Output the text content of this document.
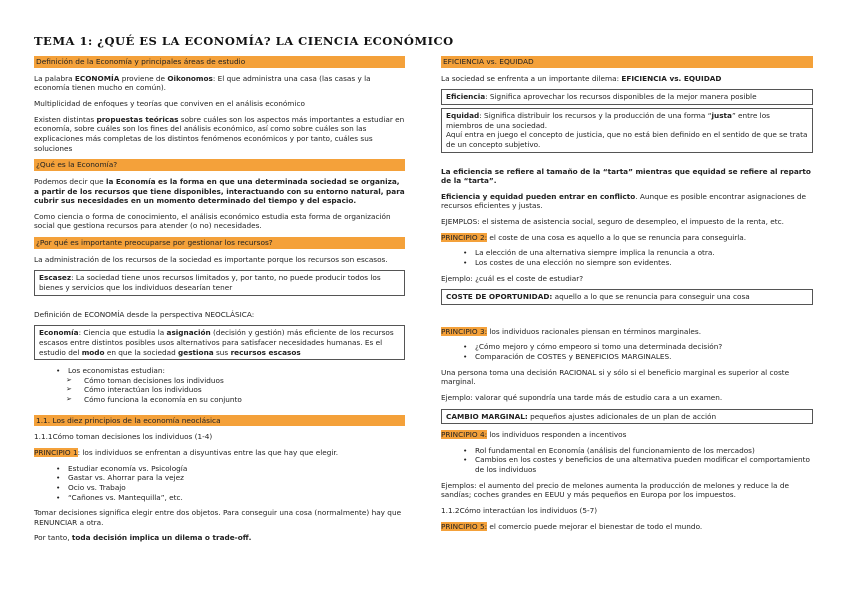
TEMA 1: ¿QUÉ ES LA ECONOMÍA? LA CIENCIA ECONÓMICO
Definición de la Economía y principales áreas de estudio
La palabra ECONOMÍA proviene de Oikonomos: El que administra una casa (las casas y la economía tienen mucho en común).
Multiplicidad de enfoques y teorías que conviven en el análisis económico
Existen distintas propuestas teóricas sobre cuáles son los aspectos más importantes a estudiar en economía, sobre cuáles son los fines del análisis económico, así como sobre cuáles son las explicaciones más completas de los distintos fenómenos económicos y por tanto, cuáles sus soluciones
¿Qué es la Economía?
Podemos decir que la Economía es la forma en que una determinada sociedad se organiza, a partir de los recursos que tiene disponibles, interactuando con su entorno natural, para cubrir sus necesidades en un momento determinado del tiempo y del espacio.
Como ciencia o forma de conocimiento, el análisis económico estudia esta forma de organización social que gestiona recursos para atender (o no) necesidades.
¿Por qué es importante preocuparse por gestionar los recursos?
La administración de los recursos de la sociedad es importante porque los recursos son escasos.
Escasez: La sociedad tiene unos recursos limitados y, por tanto, no puede producir todos los bienes y servicios que los individuos desearían tener
Definición de ECONOMÍA desde la perspectiva NEOCLÁSICA:
Economía: Ciencia que estudia la asignación (decisión y gestión) más eficiente de los recursos escasos entre distintos posibles usos alternativos para satisfacer necesidades humanas. Es el estudio del modo en que la sociedad gestiona sus recursos escasos
• Los economistas estudian:
➢ Cómo toman decisiones los individuos
➢ Cómo interactúan los individuos
➢ Cómo funciona la economía en su conjunto
1.1. Los diez principios de la economía neoclásica
1.1.1Cómo toman decisiones los individuos (1-4)
PRINCIPIO 1: los individuos se enfrentan a disyuntivas entre las que hay que elegir.
• Estudiar economía vs. Psicología
• Gastar vs. Ahorrar para la vejez
• Ocio vs. Trabajo
• “Cañones vs. Mantequilla”, etc.
Tomar decisiones significa elegir entre dos objetos. Para conseguir una cosa (normalmente) hay que RENUNCIAR a otra.
Por tanto, toda decisión implica un dilema o trade-off.
EFICIENCIA vs. EQUIDAD
La sociedad se enfrenta a un importante dilema: EFICIENCIA vs. EQUIDAD
Eficiencia: Significa aprovechar los recursos disponibles de la mejor manera posible
Equidad: Significa distribuir los recursos y la producción de una forma “justa” entre los miembros de una sociedad.
Aquí entra en juego el concepto de justicia, que no está bien definido en el sentido de que se trata de un concepto subjetivo.
La eficiencia se refiere al tamaño de la “tarta” mientras que equidad se refiere al reparto de la “tarta”.
Eficiencia y equidad pueden entrar en conflicto. Aunque es posible encontrar asignaciones de recursos eficientes y justas.
EJEMPLOS: el sistema de asistencia social, seguro de desempleo, el impuesto de la renta, etc.
PRINCIPIO 2: el coste de una cosa es aquello a lo que se renuncia para conseguirla.
• La elección de una alternativa siempre implica la renuncia a otra.
• Los costes de una elección no siempre son evidentes.
Ejemplo: ¿cuál es el coste de estudiar?
COSTE DE OPORTUNIDAD: aquello a lo que se renuncia para conseguir una cosa
PRINCIPIO 3: los individuos racionales piensan en términos marginales.
• ¿Cómo mejoro y cómo empeoro si tomo una determinada decisión?
• Comparación de COSTES y BENEFICIOS MARGINALES.
Una persona toma una decisión RACIONAL si y sólo si el beneficio marginal es superior al coste marginal.
Ejemplo: valorar qué supondría una tarde más de estudio cara a un examen.
CAMBIO MARGINAL: pequeños ajustes adicionales de un plan de acción
PRINCIPIO 4: los individuos responden a incentivos
• Rol fundamental en Economía (análisis del funcionamiento de los mercados)
• Cambios en los costes y beneficios de una alternativa pueden modificar el comportamiento de los individuos
Ejemplos: el aumento del precio de melones aumenta la producción de melones y reduce la de sandías; coches grandes en EEUU y más pequeños en Europa por los impuestos.
1.1.2Cómo interactúan los individuos (5-7)
PRINCIPIO 5: el comercio puede mejorar el bienestar de todo el mundo.
